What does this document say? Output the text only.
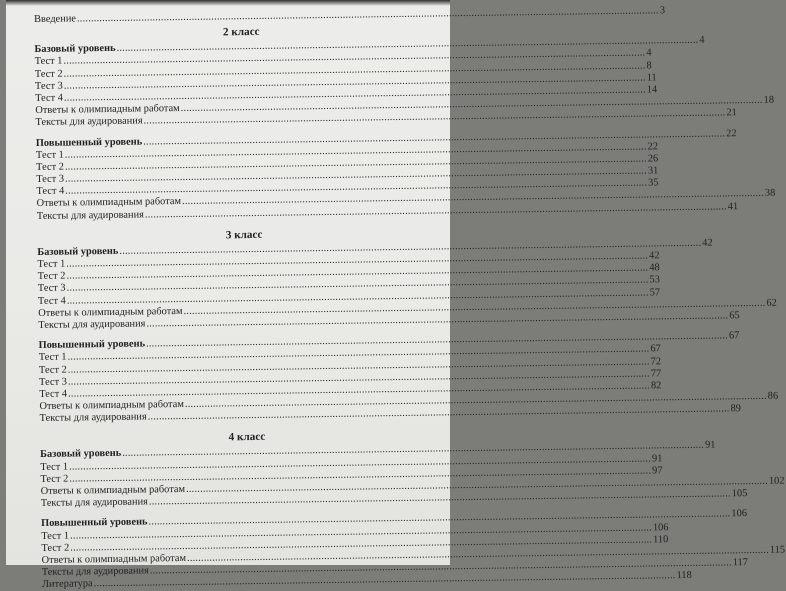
Введение
.....
3
2 класс
Базовый уровень
.....
4
Тест 1
.....
4
Тест 2
.....
8
Тест 3
.....
11
Тест 4
.....
14
Ответы к олимпиадным работам
.....
18
Тексты для аудирования
.....
21
Повышенный уровень
.....
22
Тест 1
.....
22
Тест 2
.....
26
Тест 3
.....
31
Тест 4
.....
35
Ответы к олимпиадным работам
.....
38
Тексты для аудирования
.....
41
3 класс
Базовый уровень
.....
42
Тест 1
.....
42
Тест 2
.....
48
Тест 3
.....
53
Тест 4
.....
57
Ответы к олимпиадным работам
.....
62
Тексты для аудирования
.....
65
Повышенный уровень
.....
67
Тест 1
.....
67
Тест 2
.....
72
Тест 3
.....
77
Тест 4
.....
82
Ответы к олимпиадным работам
.....
86
Тексты для аудирования
.....
89
4 класс
Базовый уровень
.....
91
Тест 1
.....
91
Тест 2
.....
97
Ответы к олимпиадным работам
.....
102
Тексты для аудирования
.....
105
Повышенный уровень
.....
106
Тест 1
.....
106
Тест 2
.....
110
Ответы к олимпиадным работам
.....
115
Тексты для аудирования
.....
117
Литература
.....
118
